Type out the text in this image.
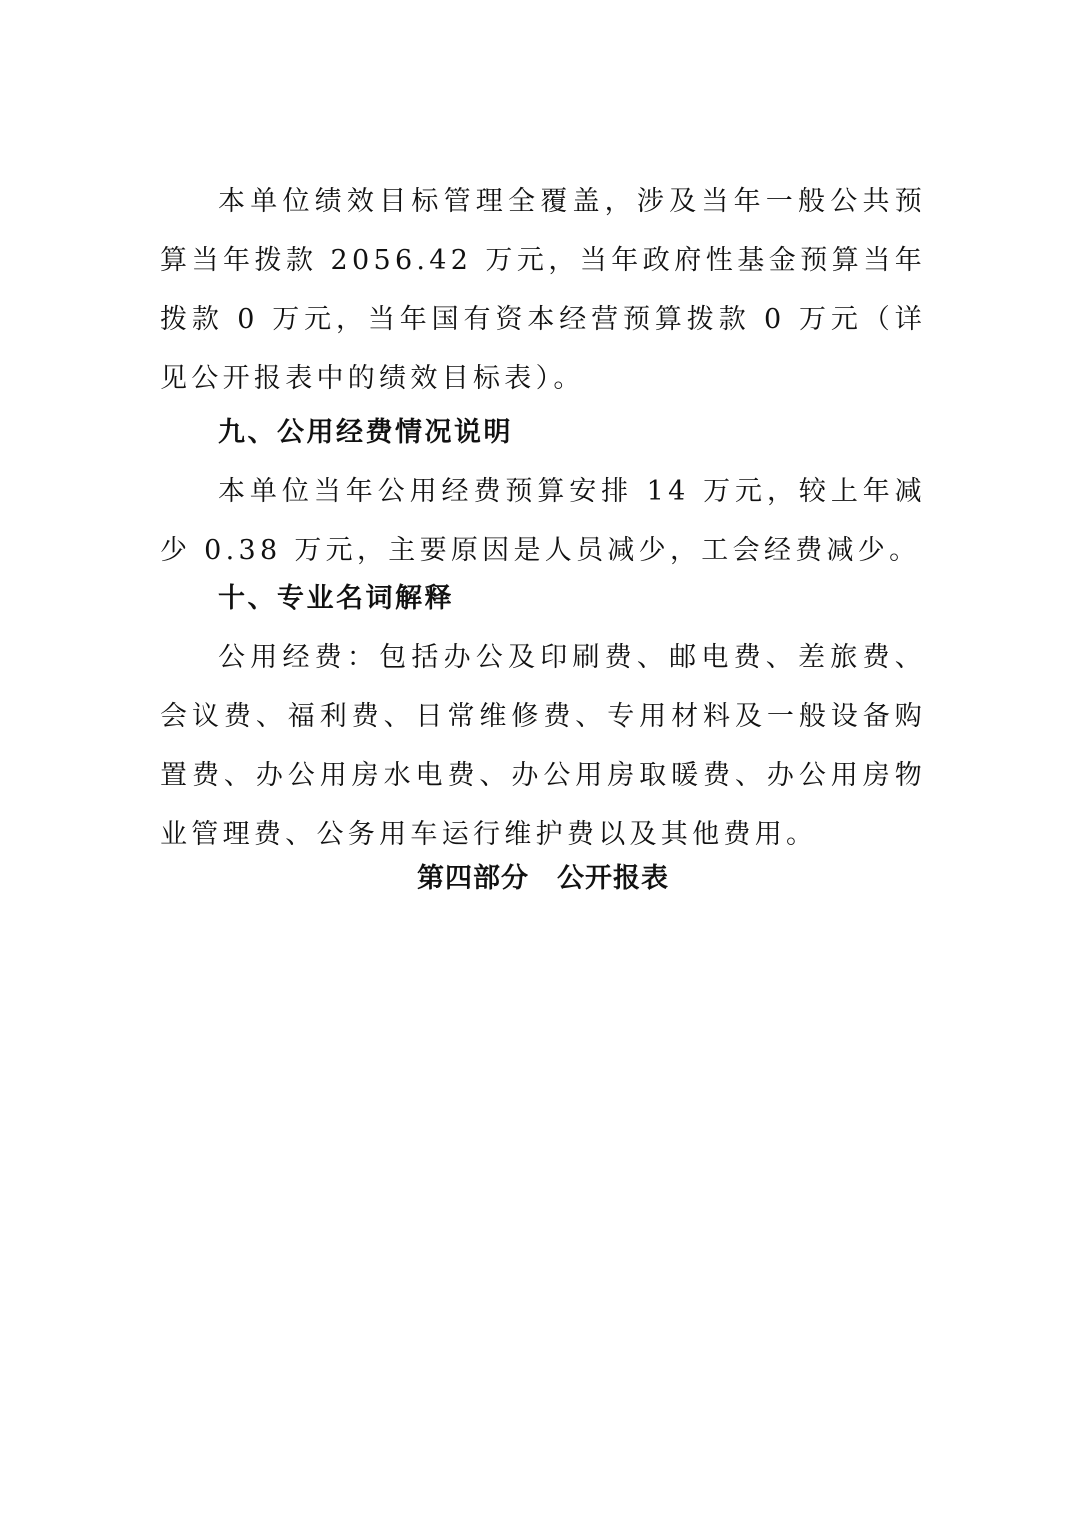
本单位绩效目标管理全覆盖，涉及当年一般公共预算当年拨款 2056.42 万元，当年政府性基金预算当年拨款 0 万元，当年国有资本经营预算拨款 0 万元（详见公开报表中的绩效目标表）。

九、公用经费情况说明

本单位当年公用经费预算安排 14 万元，较上年减少 0.38 万元，主要原因是人员减少，工会经费减少。

十、专业名词解释

公用经费：包括办公及印刷费、邮电费、差旅费、会议费、福利费、日常维修费、专用材料及一般设备购置费、办公用房水电费、办公用房取暖费、办公用房物业管理费、公务用车运行维护费以及其他费用。

第四部分　公开报表
